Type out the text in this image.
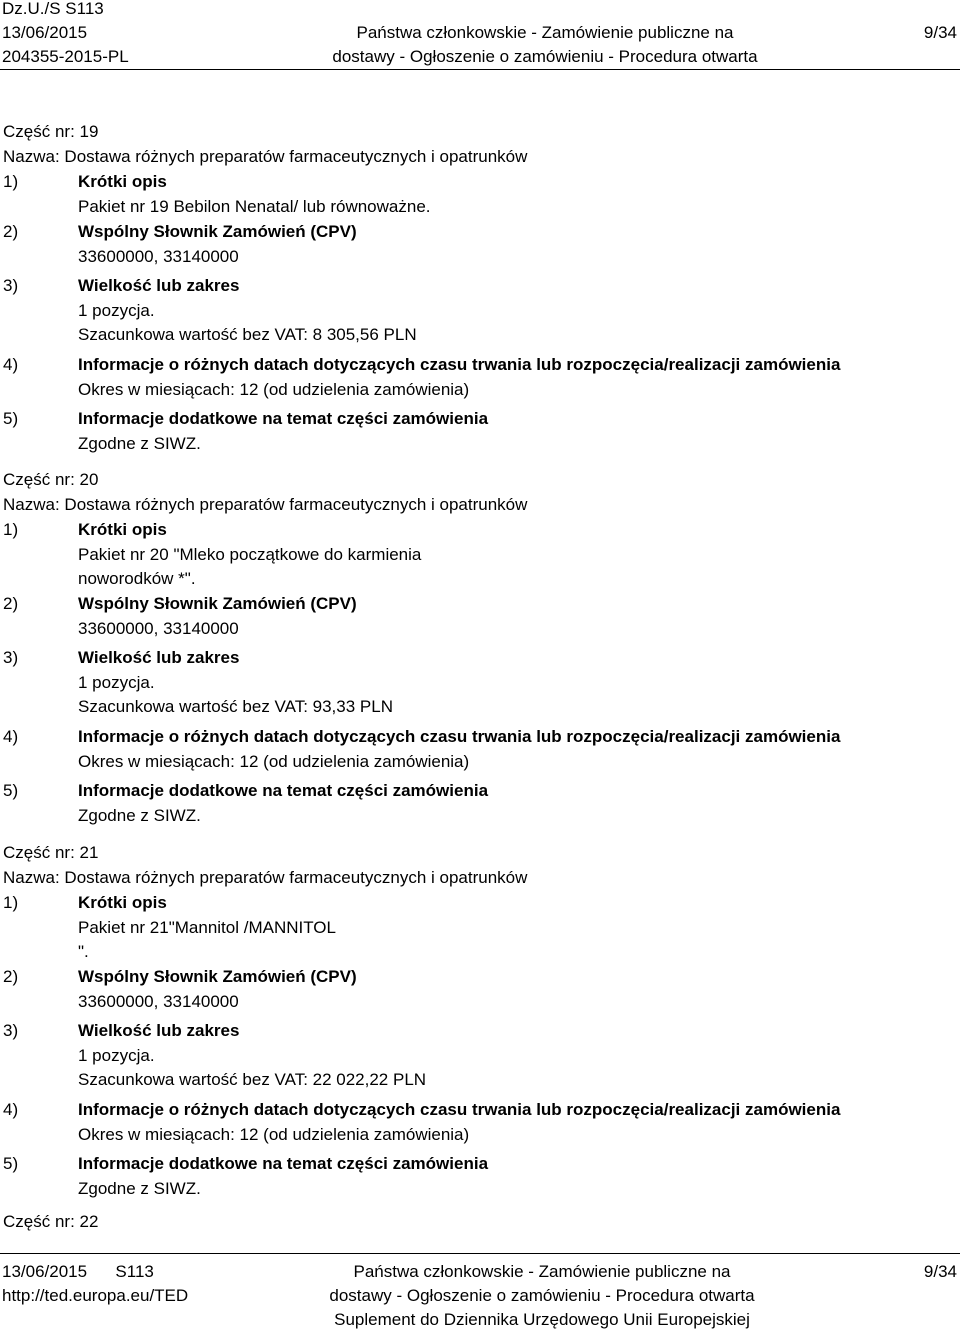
Dz.U./S S113
13/06/2015
204355-2015-PL
Państwa członkowskie - Zamówienie publiczne na
dostawy - Ogłoszenie o zamówieniu - Procedura otwarta
9/34
Część nr: 19
Nazwa: Dostawa różnych preparatów farmaceutycznych i opatrunków
1)	Krótki opis
Pakiet nr 19 Bebilon Nenatal/ lub równoważne.
2)	Wspólny Słownik Zamówień (CPV)
33600000, 33140000
3)	Wielkość lub zakres
1 pozycja.
Szacunkowa wartość bez VAT: 8 305,56 PLN
4)	Informacje o różnych datach dotyczących czasu trwania lub rozpoczęcia/realizacji zamówienia
Okres w miesiącach: 12 (od udzielenia zamówienia)
5)	Informacje dodatkowe na temat części zamówienia
Zgodne z SIWZ.
Część nr: 20
Nazwa: Dostawa różnych preparatów farmaceutycznych i opatrunków
1)	Krótki opis
Pakiet nr 20 "Mleko początkowe do karmienia
noworodków *".
2)	Wspólny Słownik Zamówień (CPV)
33600000, 33140000
3)	Wielkość lub zakres
1 pozycja.
Szacunkowa wartość bez VAT: 93,33 PLN
4)	Informacje o różnych datach dotyczących czasu trwania lub rozpoczęcia/realizacji zamówienia
Okres w miesiącach: 12 (od udzielenia zamówienia)
5)	Informacje dodatkowe na temat części zamówienia
Zgodne z SIWZ.
Część nr: 21
Nazwa: Dostawa różnych preparatów farmaceutycznych i opatrunków
1)	Krótki opis
Pakiet nr 21"Mannitol /MANNITOL
".
2)	Wspólny Słownik Zamówień (CPV)
33600000, 33140000
3)	Wielkość lub zakres
1 pozycja.
Szacunkowa wartość bez VAT: 22 022,22 PLN
4)	Informacje o różnych datach dotyczących czasu trwania lub rozpoczęcia/realizacji zamówienia
Okres w miesiącach: 12 (od udzielenia zamówienia)
5)	Informacje dodatkowe na temat części zamówienia
Zgodne z SIWZ.
Część nr: 22
13/06/2015      S113
http://ted.europa.eu/TED
Państwa członkowskie - Zamówienie publiczne na
dostawy - Ogłoszenie o zamówieniu - Procedura otwarta
Suplement do Dziennika Urzędowego Unii Europejskiej
9/34
